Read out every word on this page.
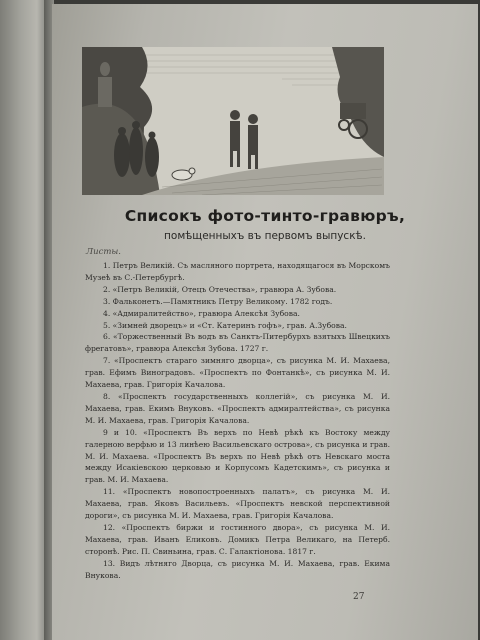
Списокъ фото-тинто-гравюръ,
помѣщенныхъ въ первомъ выпускѣ.
Листы.
1. Петръ Великій. Съ масляного портрета, находящагося въ Морскомъ Музеѣ въ С.-Петербургѣ.
2. «Петръ Великій, Отецъ Отечества», гравюра А. Зубова.
3. Фальконетъ.—Памятникъ Петру Великому. 1782 годъ.
4. «Адмиралитейство», гравюра Алексѣя Зубова.
5. «Зимней дворецъ» и «Ст. Катеринъ гофъ», грав. А.Зубова.
6. «Торжественный Въ водъ въ Санктъ-Питербурхъ взятыхъ Швецкихъ фрегатовъ», гравюра Алексѣя Зубова. 1727 г.
7. «Проспектъ стараго зимняго дворца», съ рисунка М. И. Махаева, грав. Ефимъ Виноградовъ. «Проспектъ по Фонтанкѣ», съ рисунка М. И. Махаева, грав. Григорія Качалова.
8. «Проспектъ государственныхъ коллегій», съ рисунка М. И. Махаева, грав. Екимъ Внуковъ. «Проспектъ адмиралтейства», съ рисунка М. И. Махаева, грав. Григорія Качалова.
9 и 10. «Проспектъ Въ верхъ по Невѣ рѣкѣ къ Востоку между галерною верфью и 13 линѣею Васильевскаго острова», съ рисунка и грав. М. И. Махаева. «Проспектъ Въ верхъ по Невѣ рѣкѣ отъ Невскаго моста между Исакіевскою церковью и Корпусомъ Кадетскимъ», съ рисунка и грав. М. И. Махаева.
11. «Проспектъ новопостроенныхъ палатъ», съ рисунка М. И. Махаева, грав. Яковъ Васильевъ. «Проспектъ невской перспективной дороги», съ рисунка М. И. Махаева, грав. Григорія Качалова.
12. «Проспектъ биржи и гостинного двора», съ рисунка М. И. Махаева, грав. Иванъ Еликовъ. Домикъ Петра Великаго, на Петерб. сторонѣ. Рис. П. Свиньина, грав. С. Галактіонова. 1817 г.
13. Видъ лѣтняго Дворца, съ рисунка М. И. Махаева, грав. Екима Внукова.
27
